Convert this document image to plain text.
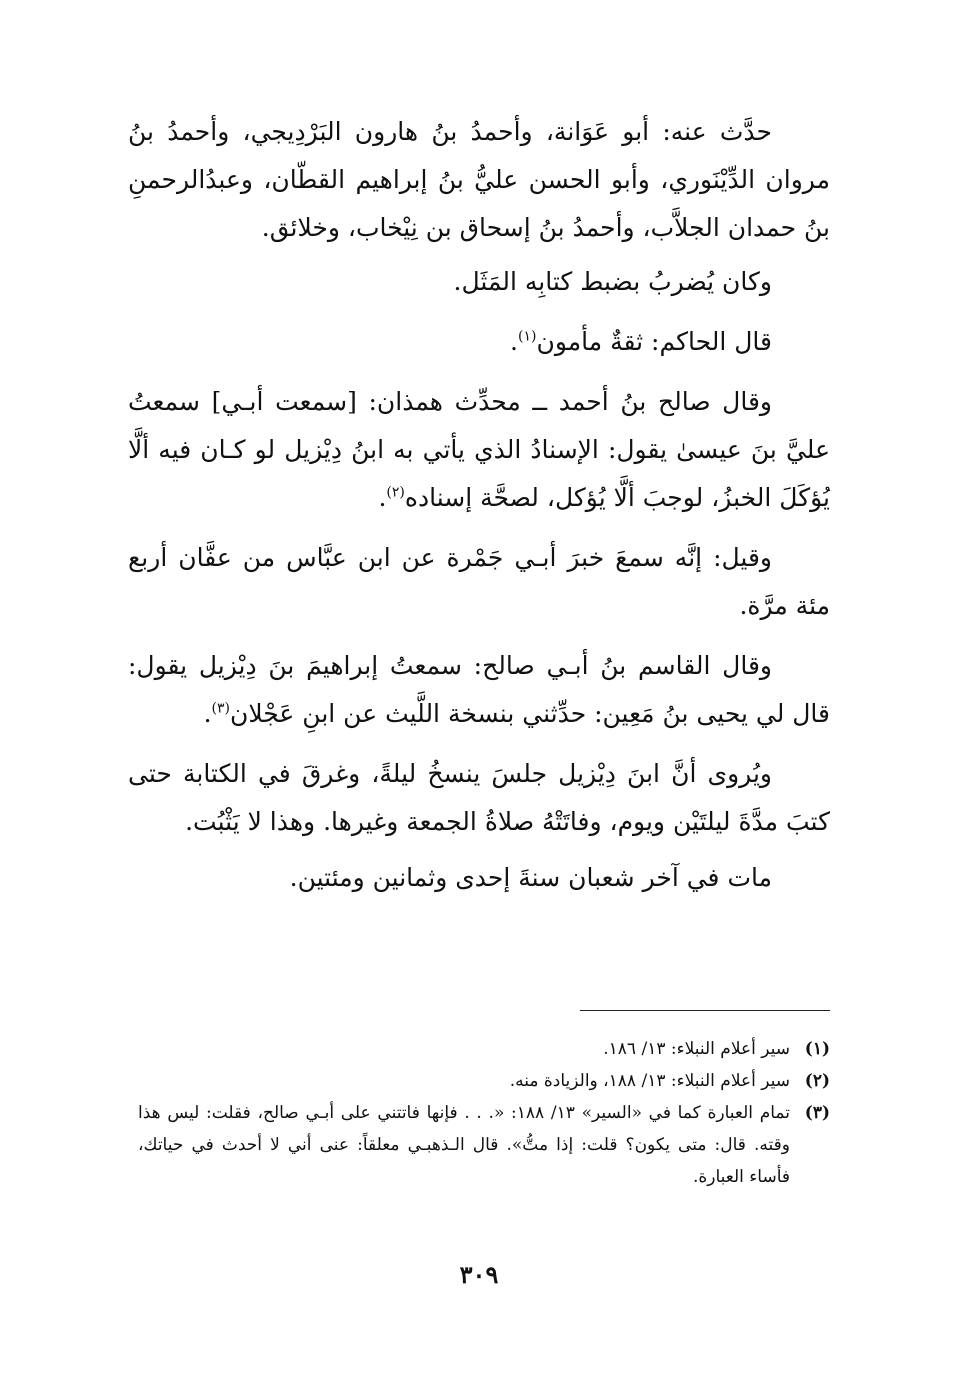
حدَّث عنه: أبو عَوَانة، وأحمدُ بنُ هارون البَرْدِيجي، وأحمدُ بنُ مروان الدِّيْنَوري، وأبو الحسن عليُّ بنُ إبراهيم القطّان، وعبدُالرحمنِ بنُ حمدان الجلاَّب، وأحمدُ بنُ إسحاق بن نِيْخاب، وخلائق.

وكان يُضربُ بضبط كتابِه المَثَل.

قال الحاكم: ثقةٌ مأمون$^{(١)}$.

وقال صالح بنُ أحمد ــ محدِّث همذان: [سمعت أبـي] سمعتُ عليَّ بنَ عيسىٰ يقول: الإسنادُ الذي يأتي به ابنُ دِيْزيل لو كـان فيه ألَّا يُؤكَلَ الخبزُ، لوجبَ ألَّا يُؤكل، لصحَّة إسناده$^{(٢)}$.

وقيل: إنَّه سمعَ خبرَ أبـي جَمْرة عن ابن عبَّاس من عفَّان أربع مئة مرَّة.

وقال القاسم بنُ أبـي صالح: سمعتُ إبراهيمَ بنَ دِيْزيل يقول: قال لي يحيى بنُ مَعِين: حدِّثني بنسخة اللَّيث عن ابنِ عَجْلان$^{(٣)}$.

ويُروى أنَّ ابنَ دِيْزيل جلسَ ينسخُ ليلةً، وغرقَ في الكتابة حتى كتبَ مدَّةَ ليلتَيْن ويوم، وفاتَتْهُ صلاةُ الجمعة وغيرها. وهذا لا يَثْبُت.

مات في آخر شعبان سنةَ إحدى وثمانين ومئتين.

(١)
سير أعلام النبلاء: ١٣/ ١٨٦.

(٢)
سير أعلام النبلاء: ١٣/ ١٨٨، والزيادة منه.

(٣)
تمام العبارة كما في «السير» ١٣/ ١٨٨: «. . . فإنها فاتتني على أبـي صالح، فقلت: ليس هذا وقته. قال: متى يكون؟ قلت: إذا متُّ». قال الـذهبـي معلقاً: عنى أني لا أحدث في حياتك، فأساء العبارة.

٣٠٩
